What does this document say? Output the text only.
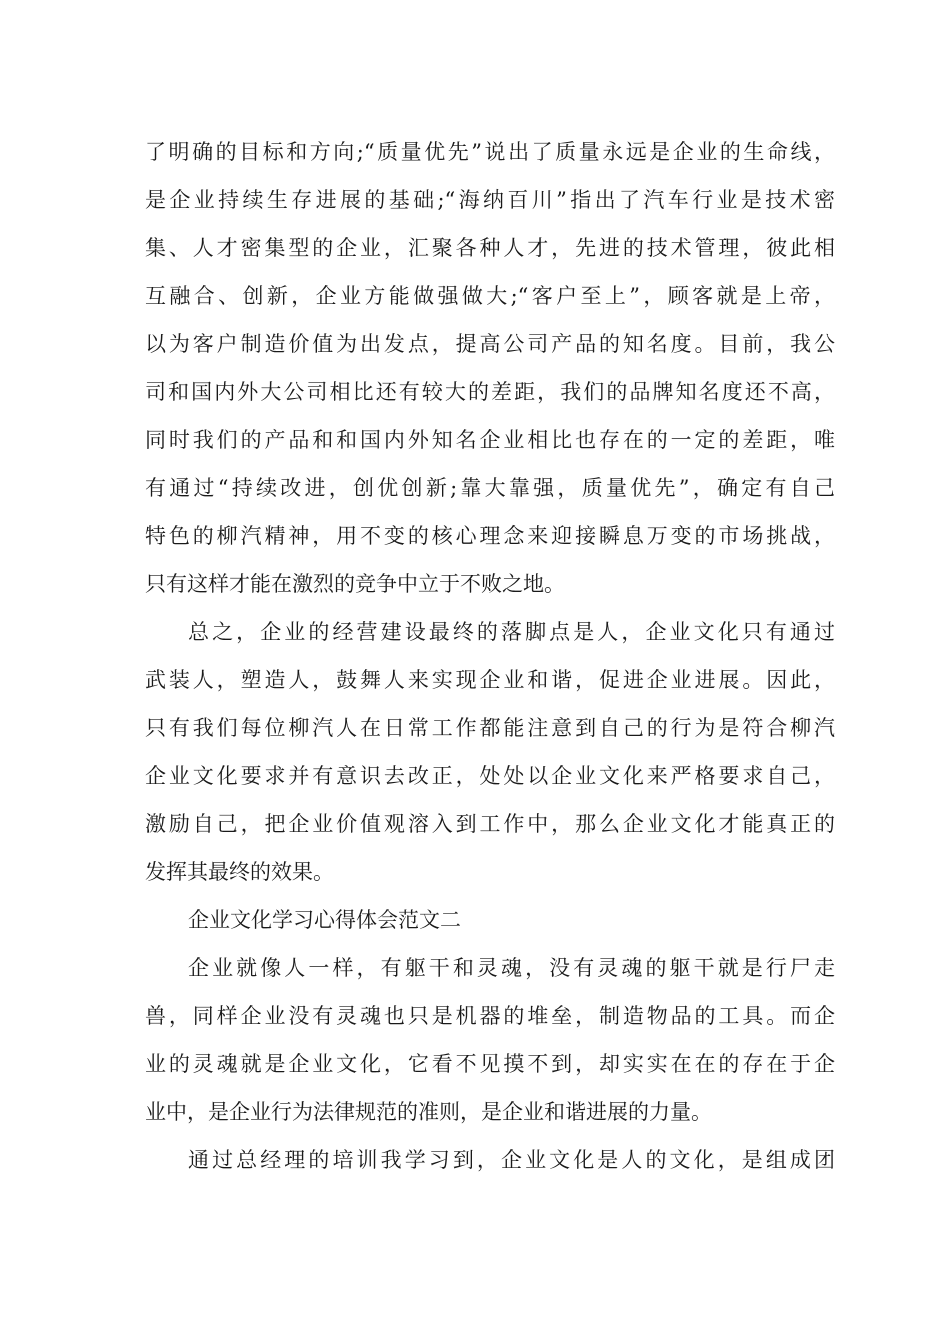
了明确的目标和方向;“质量优先”说出了质量永远是企业的生命线，
是企业持续生存进展的基础;“海纳百川”指出了汽车行业是技术密
集、人才密集型的企业，汇聚各种人才，先进的技术管理，彼此相
互融合、创新，企业方能做强做大;“客户至上”，顾客就是上帝，
以为客户制造价值为出发点，提高公司产品的知名度。目前，我公
司和国内外大公司相比还有较大的差距，我们的品牌知名度还不高，
同时我们的产品和和国内外知名企业相比也存在的一定的差距，唯
有通过“持续改进，创优创新;靠大靠强，质量优先”，确定有自己
特色的柳汽精神，用不变的核心理念来迎接瞬息万变的市场挑战，
只有这样才能在激烈的竞争中立于不败之地。
总之，企业的经营建设最终的落脚点是人，企业文化只有通过
武装人，塑造人，鼓舞人来实现企业和谐，促进企业进展。因此，
只有我们每位柳汽人在日常工作都能注意到自己的行为是符合柳汽
企业文化要求并有意识去改正，处处以企业文化来严格要求自己，
激励自己，把企业价值观溶入到工作中，那么企业文化才能真正的
发挥其最终的效果。
企业文化学习心得体会范文二
企业就像人一样，有躯干和灵魂，没有灵魂的躯干就是行尸走
兽，同样企业没有灵魂也只是机器的堆垒，制造物品的工具。而企
业的灵魂就是企业文化，它看不见摸不到，却实实在在的存在于企
业中，是企业行为法律规范的准则，是企业和谐进展的力量。
通过总经理的培训我学习到，企业文化是人的文化，是组成团
